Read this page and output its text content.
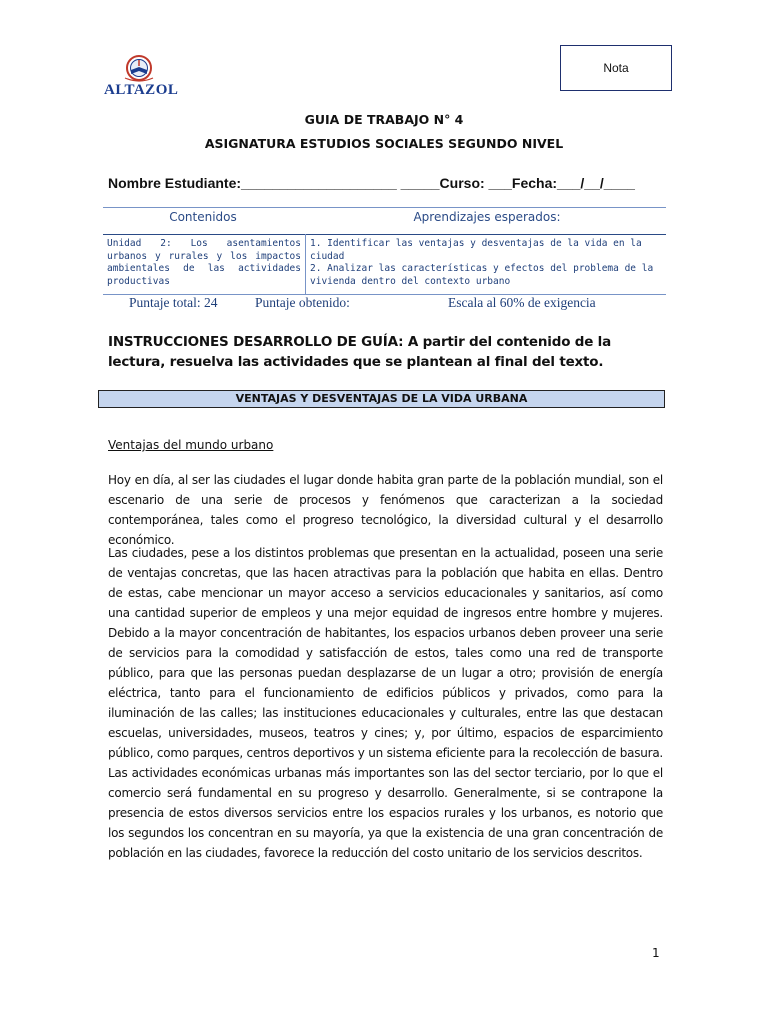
ALTAZOL
Nota
GUIA DE TRABAJO N° 4
ASIGNATURA ESTUDIOS SOCIALES SEGUNDO NIVEL
Nombre Estudiante:____________________ _____Curso: ___Fecha:___/__/____
Contenidos	Aprendizajes esperados:
Unidad 2: Los asentamientos urbanos y rurales y los impactos ambientales de las actividades productivas
1. Identificar las ventajas y desventajas de la vida en la ciudad
2. Analizar las características y efectos del problema de la vivienda dentro del contexto urbano
Puntaje total: 24	Puntaje obtenido:	Escala al 60% de exigencia
INSTRUCCIONES DESARROLLO DE GUÍA: A partir del contenido de la lectura, resuelva las actividades que se plantean al final del texto.
VENTAJAS Y DESVENTAJAS DE LA VIDA URBANA
Ventajas del mundo urbano
Hoy en día, al ser las ciudades el lugar donde habita gran parte de la población mundial, son el escenario de una serie de procesos y fenómenos que caracterizan a la sociedad contemporánea, tales como el progreso tecnológico, la diversidad cultural y el desarrollo económico.
Las ciudades, pese a los distintos problemas que presentan en la actualidad, poseen una serie de ventajas concretas, que las hacen atractivas para la población que habita en ellas. Dentro de estas, cabe mencionar un mayor acceso a servicios educacionales y sanitarios, así como una cantidad superior de empleos y una mejor equidad de ingresos entre hombre y mujeres. Debido a la mayor concentración de habitantes, los espacios urbanos deben proveer una serie de servicios para la comodidad y satisfacción de estos, tales como una red de transporte público, para que las personas puedan desplazarse de un lugar a otro; provisión de energía eléctrica, tanto para el funcionamiento de edificios públicos y privados, como para la iluminación de las calles; las instituciones educacionales y culturales, entre las que destacan escuelas, universidades, museos, teatros y cines; y, por último, espacios de esparcimiento público, como parques, centros deportivos y un sistema eficiente para la recolección de basura. Las actividades económicas urbanas más importantes son las del sector terciario, por lo que el comercio será fundamental en su progreso y desarrollo. Generalmente, si se contrapone la presencia de estos diversos servicios entre los espacios rurales y los urbanos, es notorio que los segundos los concentran en su mayoría, ya que la existencia de una gran concentración de población en las ciudades, favorece la reducción del costo unitario de los servicios descritos.
1
